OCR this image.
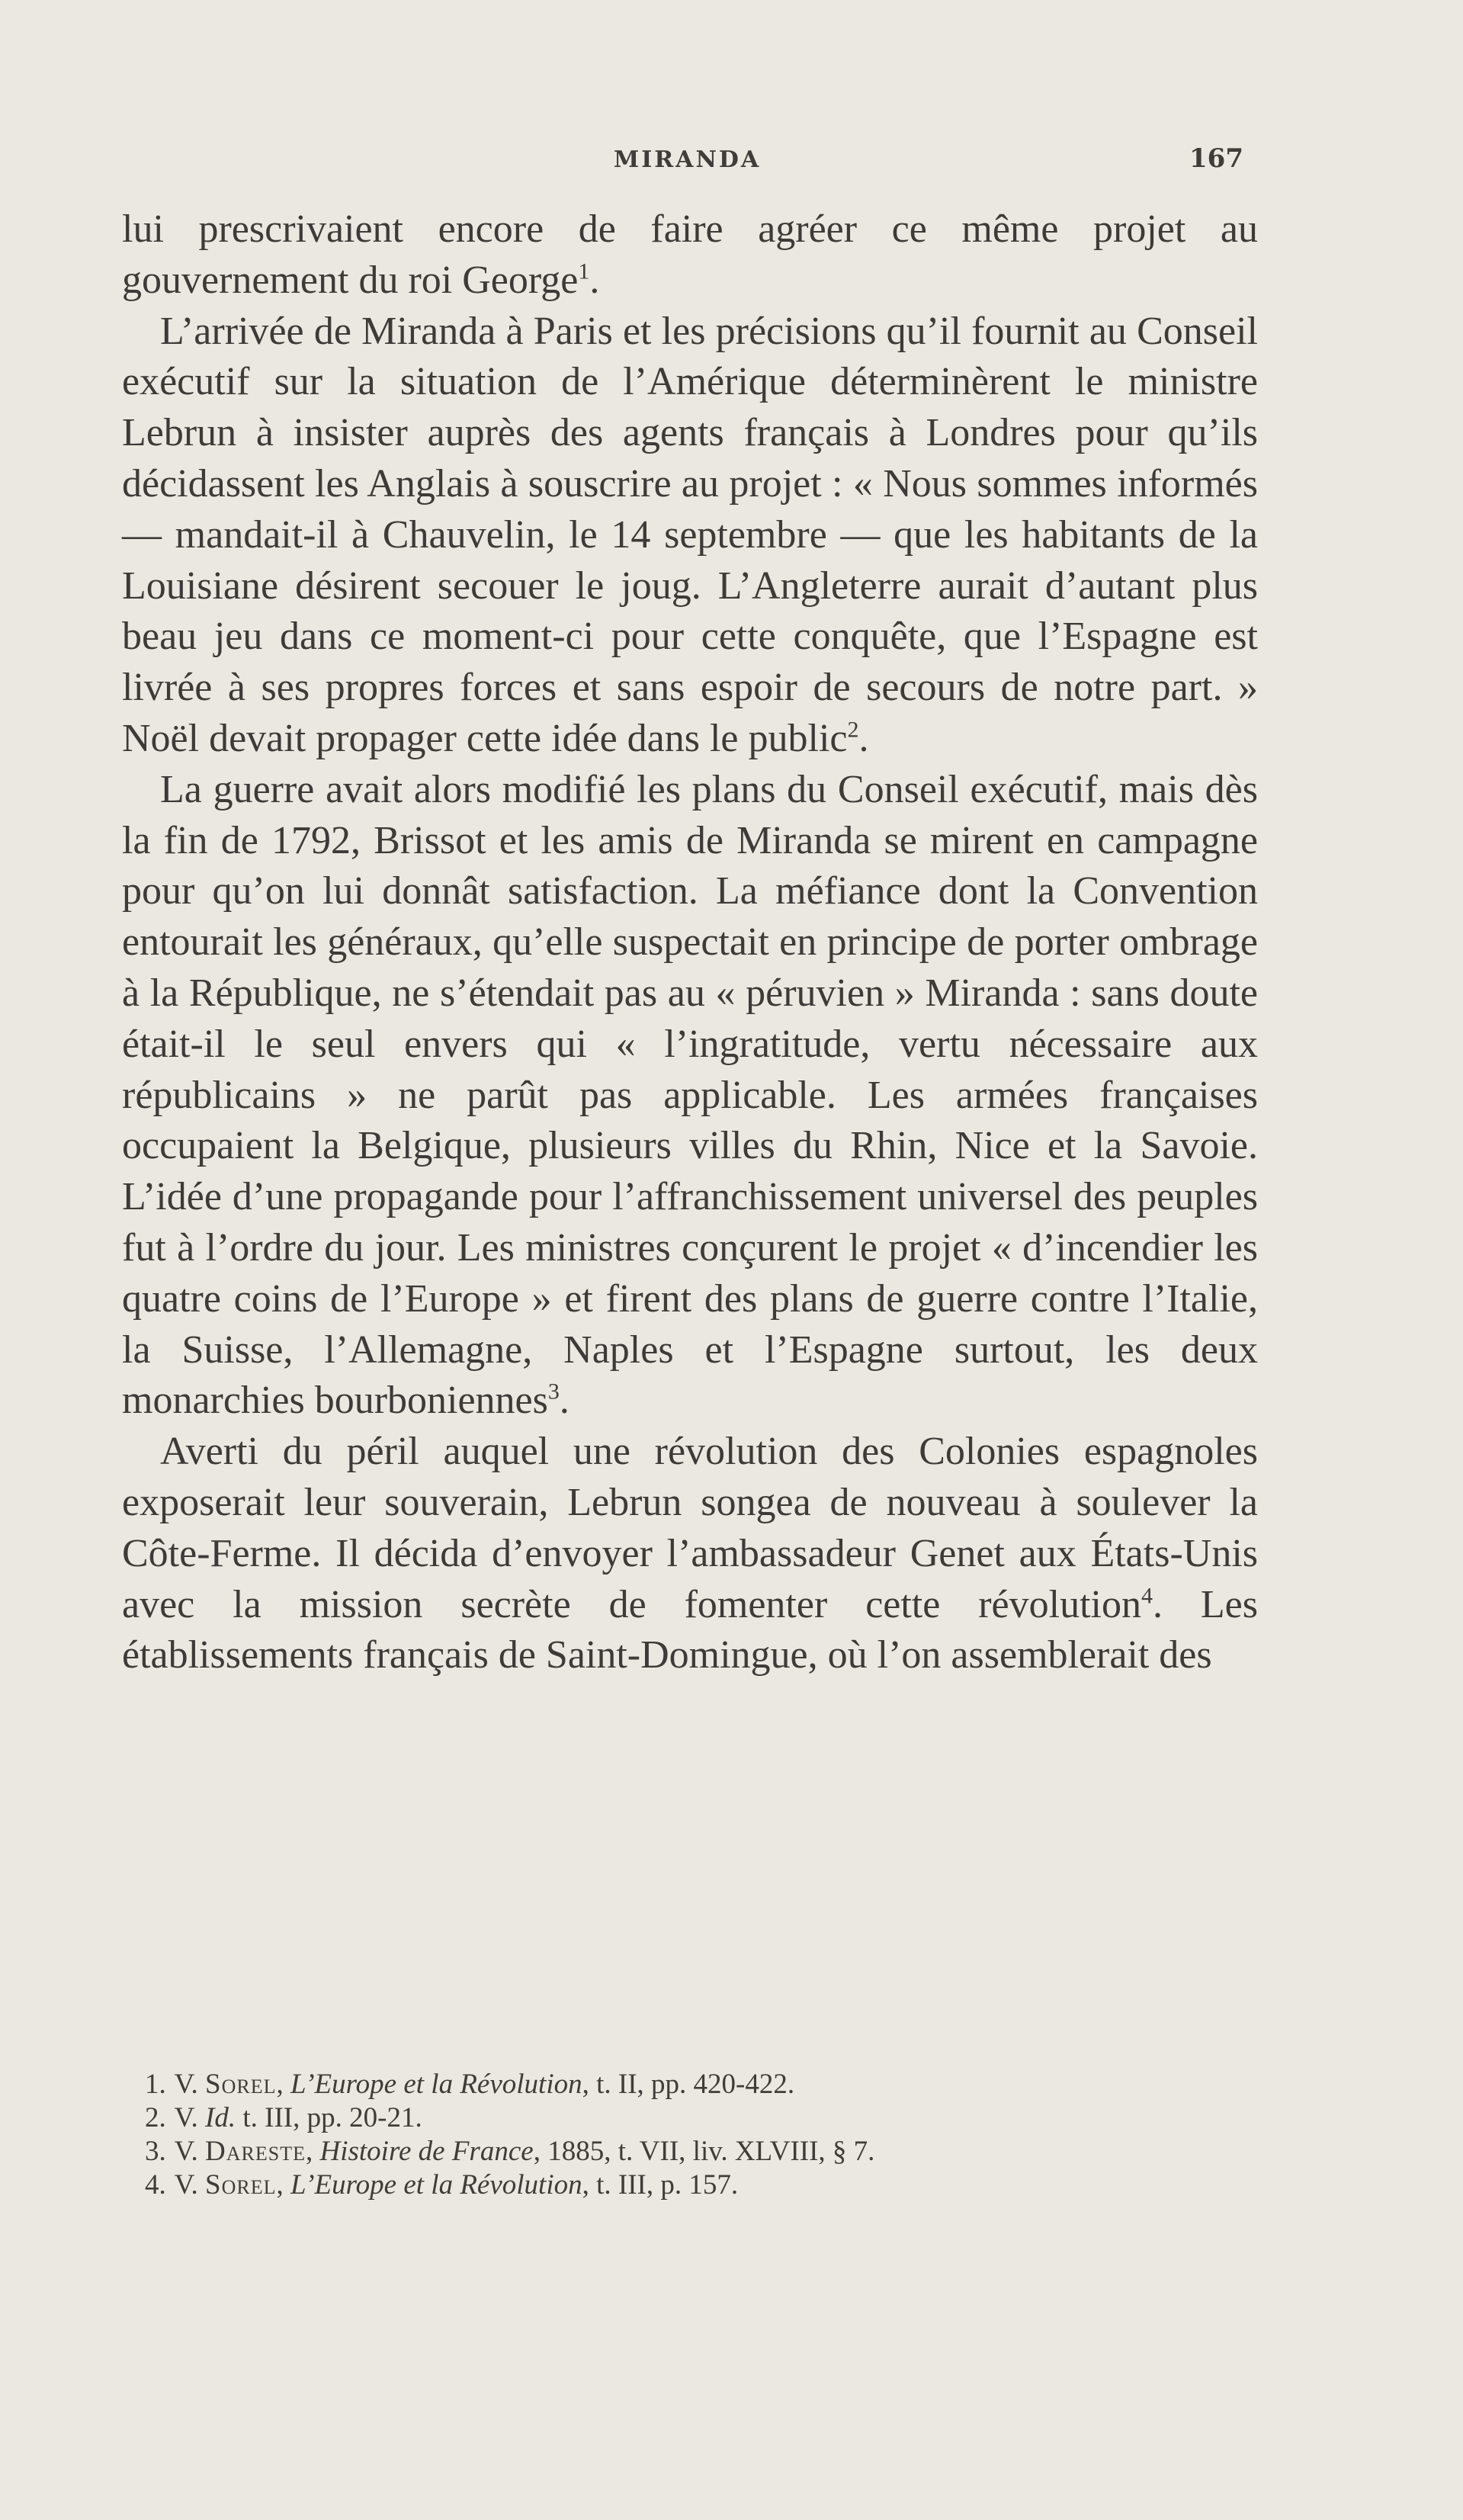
MIRANDA	167

lui prescrivaient encore de faire agréer ce même projet au gouvernement du roi George$^1$.

L’arrivée de Miranda à Paris et les précisions qu’il fournit au Conseil exécutif sur la situation de l’Amérique déterminèrent le ministre Lebrun à insister auprès des agents français à Londres pour qu’ils décidassent les Anglais à souscrire au projet : « Nous sommes informés — mandait-il à Chauvelin, le 14 septembre — que les habitants de la Louisiane désirent secouer le joug. L’Angleterre aurait d’autant plus beau jeu dans ce moment-ci pour cette conquête, que l’Espagne est livrée à ses propres forces et sans espoir de secours de notre part. » Noël devait propager cette idée dans le public$^2$.

La guerre avait alors modifié les plans du Conseil exécutif, mais dès la fin de 1792, Brissot et les amis de Miranda se mirent en campagne pour qu’on lui donnât satisfaction. La méfiance dont la Convention entourait les généraux, qu’elle suspectait en principe de porter ombrage à la République, ne s’étendait pas au « péruvien » Miranda : sans doute était-il le seul envers qui « l’ingratitude, vertu nécessaire aux républicains » ne parût pas applicable. Les armées françaises occupaient la Belgique, plusieurs villes du Rhin, Nice et la Savoie. L’idée d’une propagande pour l’affranchissement universel des peuples fut à l’ordre du jour. Les ministres conçurent le projet « d’incendier les quatre coins de l’Europe » et firent des plans de guerre contre l’Italie, la Suisse, l’Allemagne, Naples et l’Espagne surtout, les deux monarchies bourboniennes$^3$.

Averti du péril auquel une révolution des Colonies espagnoles exposerait leur souverain, Lebrun songea de nouveau à soulever la Côte-Ferme. Il décida d’envoyer l’ambassadeur Genet aux États-Unis avec la mission secrète de fomenter cette révolution$^4$. Les établissements français de Saint-Domingue, où l’on assemblerait des

1. V. Sorel, L’Europe et la Révolution, t. II, pp. 420-422.
2. V. Id. t. III, pp. 20-21.
3. V. Dareste, Histoire de France, 1885, t. VII, liv. XLVIII, § 7.
4. V. Sorel, L’Europe et la Révolution, t. III, p. 157.
